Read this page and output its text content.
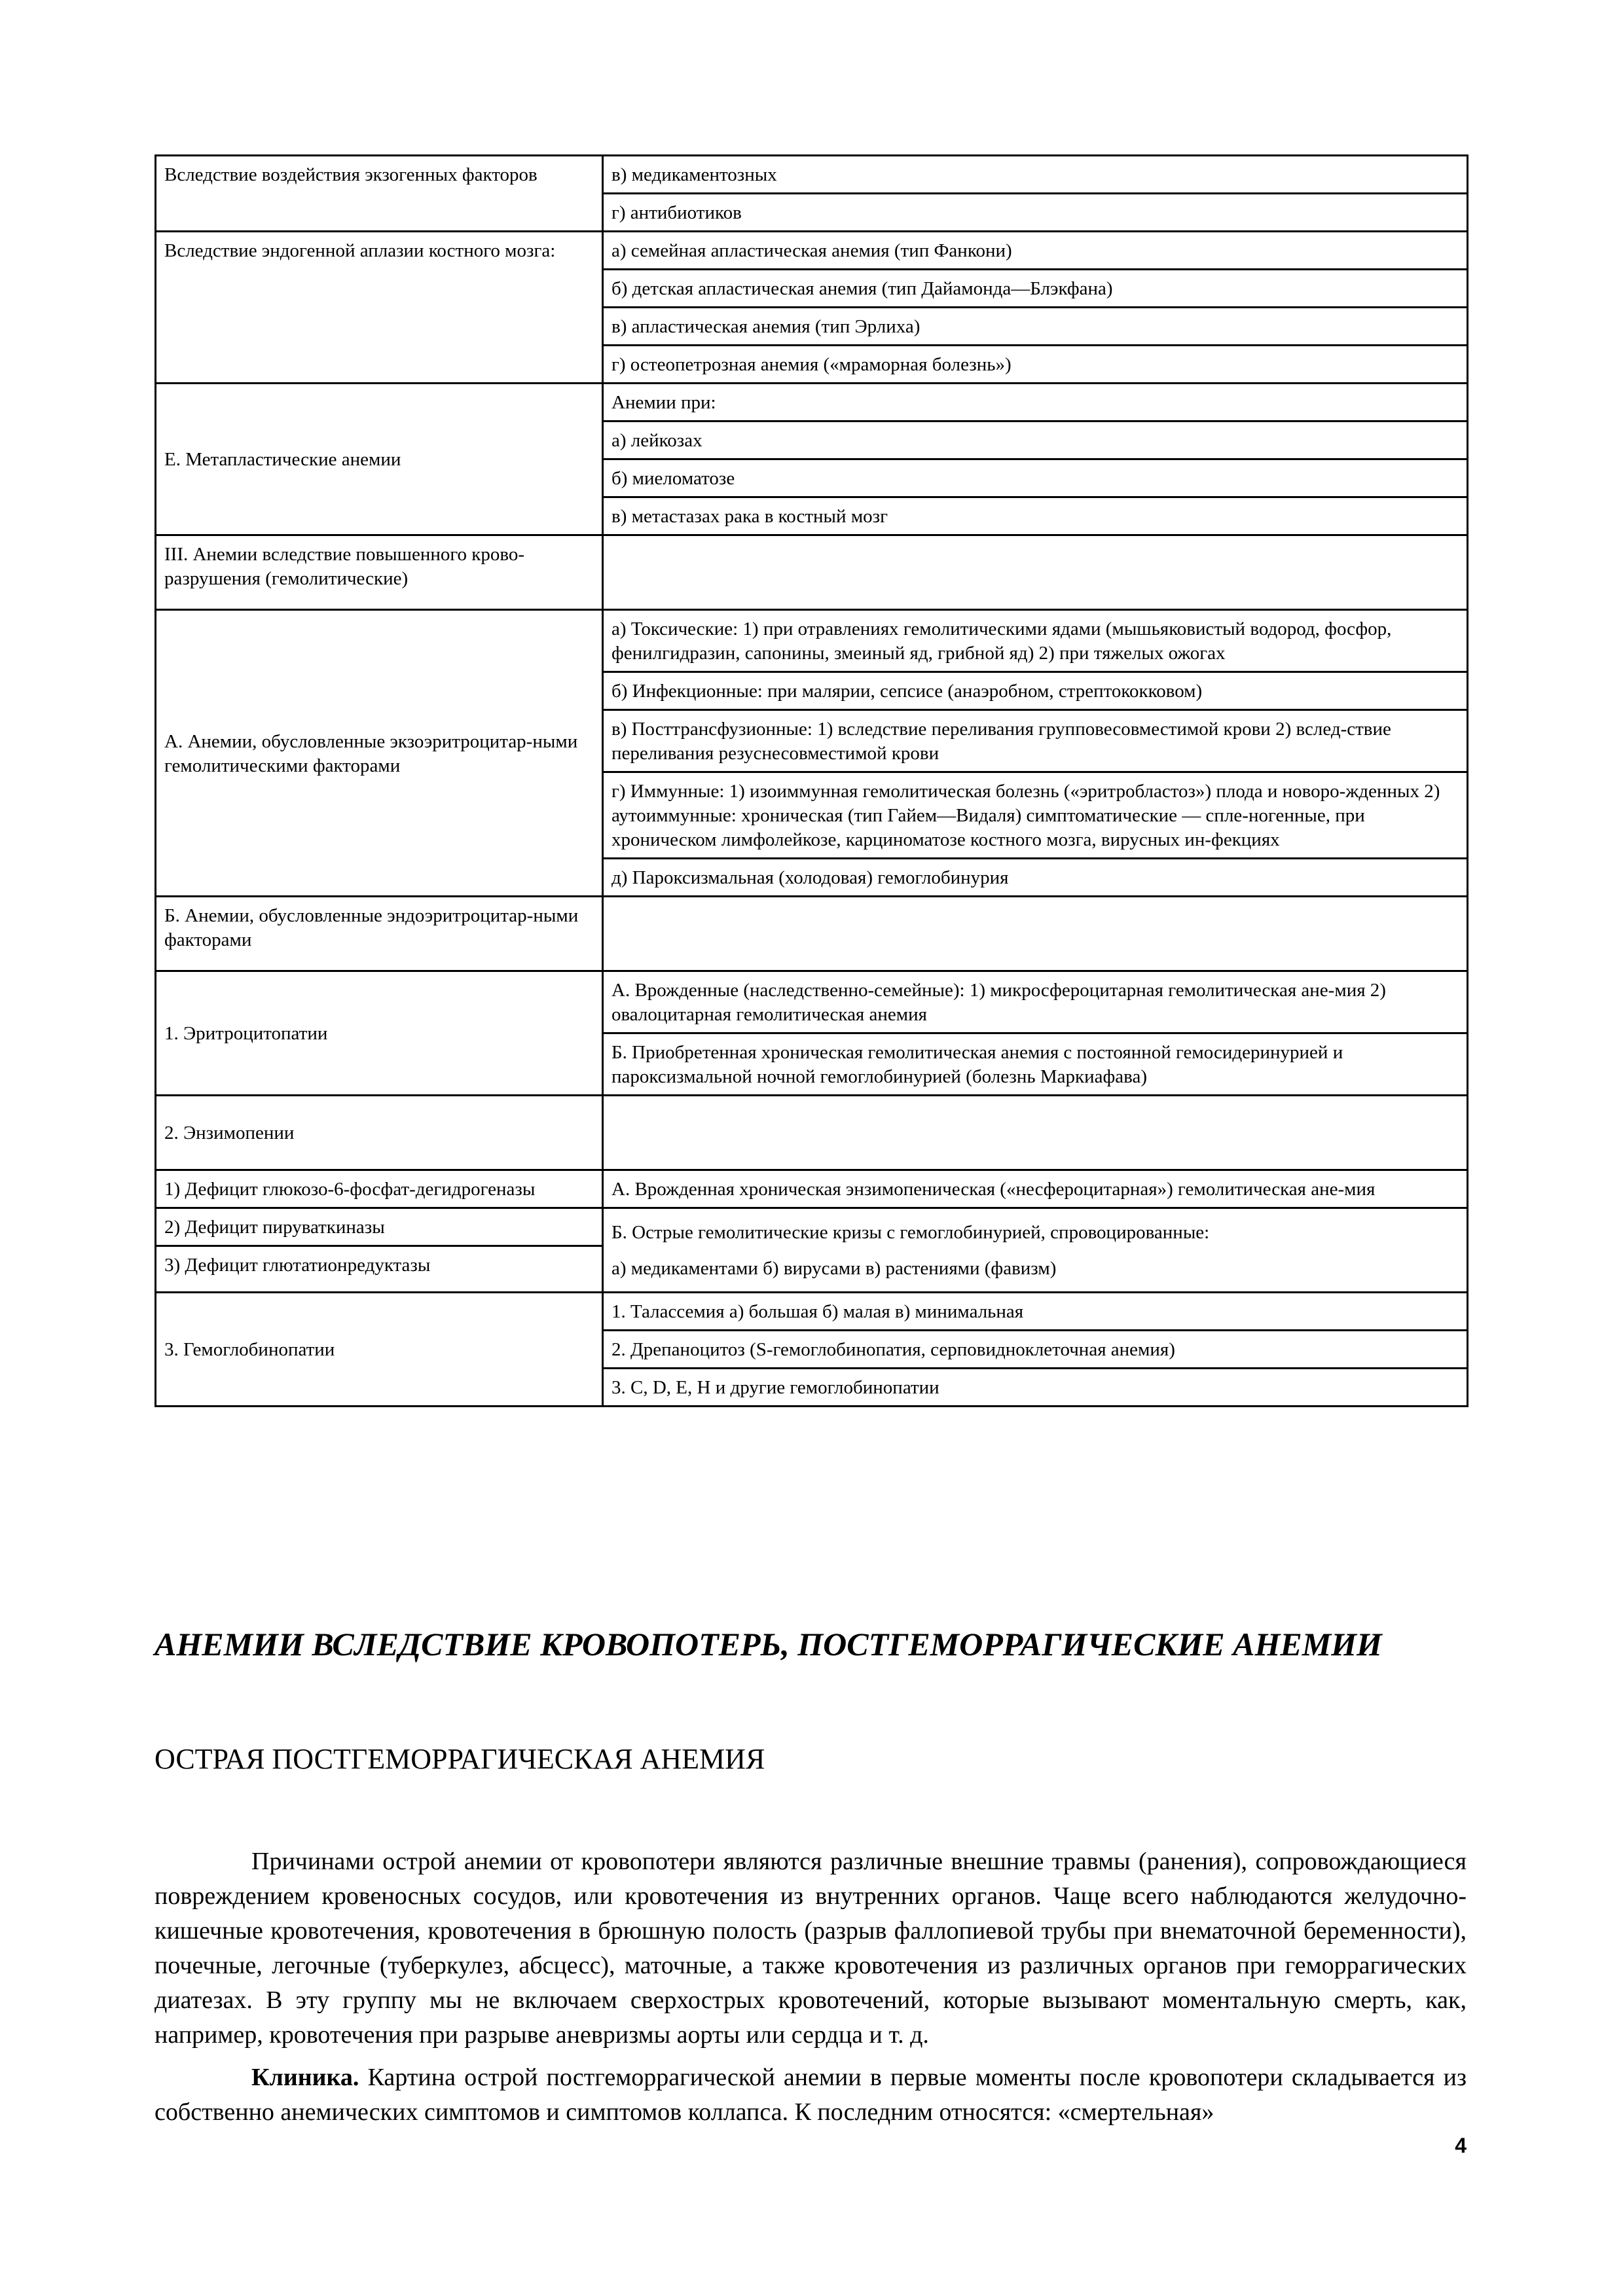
Вследствие воздействия экзогенных факторов	в) медикаментозных
	г) антибиотиков
Вследствие эндогенной аплазии костного мозга:	а) семейная апластическая анемия (тип Фанкони)
	б) детская апластическая анемия (тип Дайамонда—Блэкфана)
	в) апластическая анемия (тип Эрлиха)
	г) остеопетрозная анемия («мраморная болезнь»)
Е. Метапластические анемии	Анемии при:
	а) лейкозах
	б) миеломатозе
	в) метастазах рака в костный мозг
III. Анемии вследствие повышенного крово-разрушения (гемолитические)	
А. Анемии, обусловленные экзоэритроцитар-ными гемолитическими факторами	а) Токсические: 1) при отравлениях гемолитическими ядами (мышьяковистый водород, фосфор, фенилгидразин, сапонины, змеиный яд, грибной яд) 2) при тяжелых ожогах
	б) Инфекционные: при малярии, сепсисе (анаэробном, стрептококковом)
	в) Посттрансфузионные: 1) вследствие переливания групповесовместимой крови 2) вслед-ствие переливания резуснесовместимой крови
	г) Иммунные: 1) изоиммунная гемолитическая болезнь («эритробластоз») плода и новоро-жденных 2) аутоиммунные: хроническая (тип Гайем—Видаля) симптоматические — спле-ногенные, при хроническом лимфолейкозе, карциноматозе костного мозга, вирусных ин-фекциях
	д) Пароксизмальная (холодовая) гемоглобинурия
Б. Анемии, обусловленные эндоэритроцитар-ными факторами	
1. Эритроцитопатии	А. Врожденные (наследственно-семейные): 1) микросфероцитарная гемолитическая ане-мия 2) овалоцитарная гемолитическая анемия
	Б. Приобретенная хроническая гемолитическая анемия с постоянной гемосидеринурией и пароксизмальной ночной гемоглобинурией (болезнь Маркиафава)
2. Энзимопении	
1) Дефицит глюкозо-6-фосфат-дегидрогеназы	А. Врожденная хроническая энзимопеническая («несфероцитарная») гемолитическая ане-мия
2) Дефицит пируваткиназы	Б. Острые гемолитические кризы с гемоглобинурией, спровоцированные:
а) медикаментами б) вирусами в) растениями (фавизм)

3) Дефицит глютатионредуктазы	
3. Гемоглобинопатии	1. Талассемия а) большая б) малая в) минимальная
	2. Дрепаноцитоз (S-гемоглобинопатия, серповидноклеточная анемия)
	3. С, D, Е, Н и другие гемоглобинопатии
АНЕМИИ ВСЛЕДСТВИЕ КРОВОПОТЕРЬ, ПОСТГЕМОРРАГИЧЕСКИЕ АНЕМИИ
ОСТРАЯ ПОСТГЕМОРРАГИЧЕСКАЯ АНЕМИЯ

Причинами острой анемии от кровопотери являются различные внешние травмы (ранения), сопровождающиеся повреждением кровеносных сосудов, или кровотечения из внутренних органов. Чаще всего наблюдаются желудочно-кишечные кровотечения, кровотечения в брюшную полость (разрыв фаллопиевой трубы при внематочной беременности), почечные, легочные (туберкулез, абсцесс), маточные, а также кровотечения из различных органов при геморрагических диатезах. В эту группу мы не включаем сверхострых кровотечений, которые вызывают моментальную смерть, как, например, кровотечения при разрыве аневризмы аорты или сердца и т. д.

Клиника. Картина острой постгеморрагической анемии в первые моменты после кровопотери складывается из собственно анемических симптомов и симптомов коллапса. К последним относятся: «смертельная»

4
